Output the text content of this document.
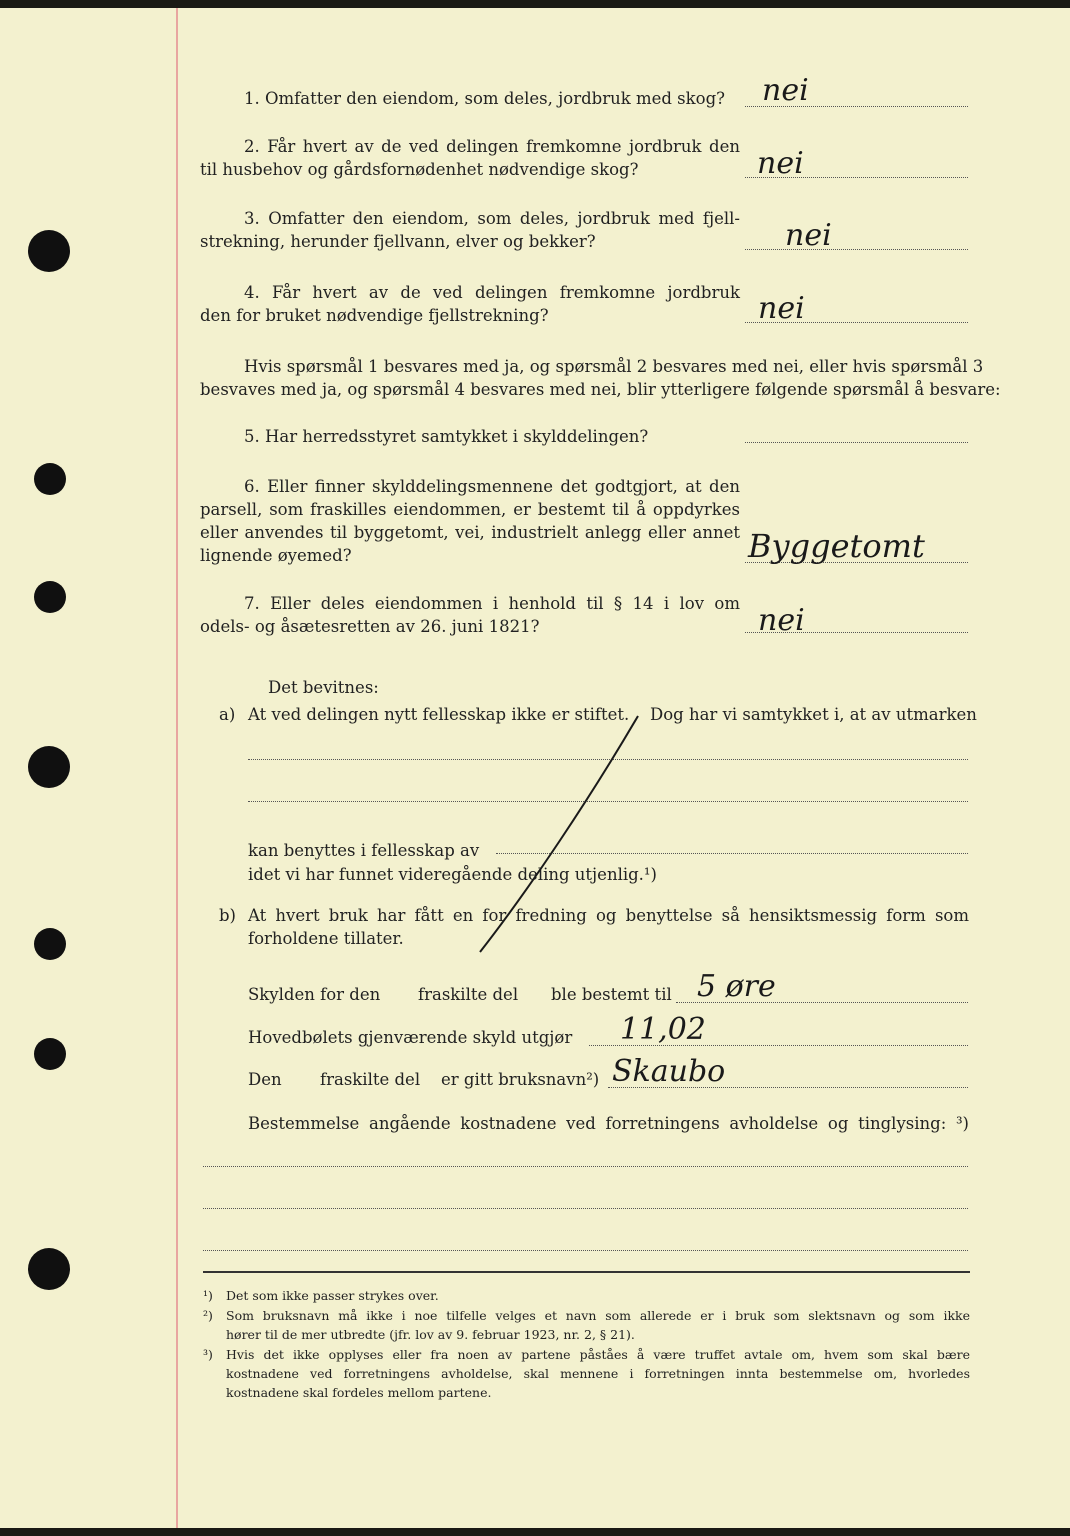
1. Omfatter den eiendom, som deles, jordbruk med skog? nei
2. Får hvert av de ved delingen fremkomne jordbruk den
til husbehov og gårdsfornødenhet nødvendige skog?	nei
3. Omfatter den eiendom, som deles, jordbruk med fjell-
strekning, herunder fjellvann, elver og bekker?	nei
4. Får hvert av de ved delingen fremkomne jordbruk
den for bruket nødvendige fjellstrekning?	nei
Hvis spørsmål 1 besvares med ja, og spørsmål 2 besvares med nei, eller hvis spørsmål 3
besvaves med ja, og spørsmål 4 besvares med nei, blir ytterligere følgende spørsmål å besvare:
5. Har herredsstyret samtykket i skylddelingen?
6. Eller finner skylddelingsmennene det godtgjort, at den
parsell, som fraskilles eiendommen, er bestemt til å oppdyrkes
eller anvendes til byggetomt, vei, industrielt anlegg eller annet
lignende øyemed?	Byggetomt
7. Eller deles eiendommen i henhold til § 14 i lov om
odels- og åsætesretten av 26. juni 1821?	nei
Det bevitnes:
a) At ved delingen nytt fellesskap ikke er stiftet. Dog har vi samtykket i, at av utmarken
kan benyttes i fellesskap av
idet vi har funnet videregående deling utjenlig.¹)
b) At hvert bruk har fått en for fredning og benyttelse så hensiktsmessig form som
forholdene tillater.
Skylden for den fraskilte del ble bestemt til 5 øre
Hovedbølets gjenværende skyld utgjør 11,02
Den fraskilte del er gitt bruksnavn²) Skaubo
Bestemmelse angående kostnadene ved forretningens avholdelse og tinglysing: ³)
¹) Det som ikke passer strykes over.
²) Som bruksnavn må ikke i noe tilfelle velges et navn som allerede er i bruk som slektsnavn og som ikke
hører til de mer utbredte (jfr. lov av 9. februar 1923, nr. 2, § 21).
³) Hvis det ikke opplyses eller fra noen av partene påståes å være truffet avtale om, hvem som skal bære
kostnadene ved forretningens avholdelse, skal mennene i forretningen innta bestemmelse om, hvorledes
kostnadene skal fordeles mellom partene.
